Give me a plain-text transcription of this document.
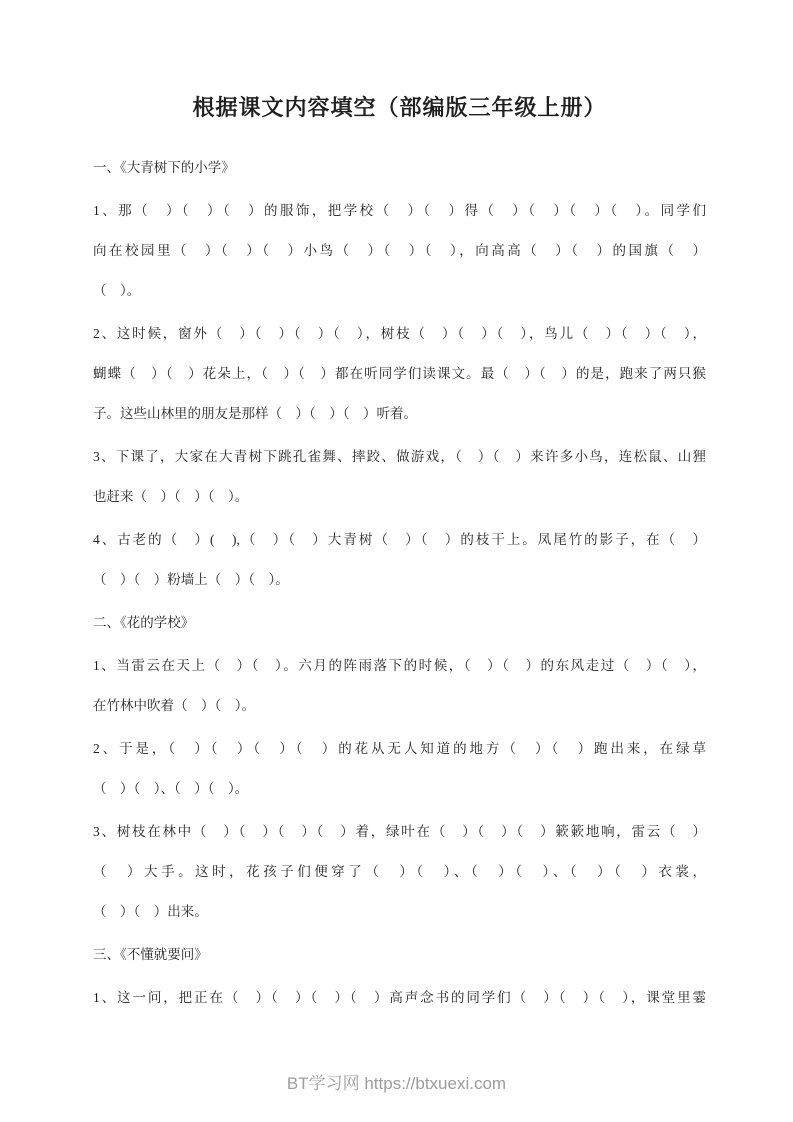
根据课文内容填空（部编版三年级上册）
一、《大青树下的小学》
1、那（　）（　）（　）的服饰，把学校（　）（　）得（　）（　）（　）（　）。同学们
向在校园里（　）（　）（　）小鸟（　）（　）（　），向高高（　）（　）的国旗（　）
（　）。
2、这时候，窗外（　）（　）（　）（　），树枝（　）（　）（　），鸟儿（　）（　）（　），
蝴蝶（　）（　）花朵上，（　）（　）都在听同学们读课文。最（　）（　）的是，跑来了两只猴
子。这些山林里的朋友是那样（　）（　）（　）听着。
3、下课了，大家在大青树下跳孔雀舞、摔跤、做游戏，（　）（　）来许多小鸟，连松鼠、山狸
也赶来（　）（　）（　）。
4、古老的（　）(　),（　）（　）大青树（　）（　）的枝干上。凤尾竹的影子，在（　）
（　）（　）粉墙上（　）（　）。
二、《花的学校》
1、当雷云在天上（　）（　）。六月的阵雨落下的时候，（　）（　）的东风走过（　）（　），
在竹林中吹着（　）（　）。
2、于是，（　）（　）（　）（　）的花从无人知道的地方（　）（　）跑出来，在绿草
（　）（　）、（　）（　）。
3、树枝在林中（　）（　）（　）（　）着，绿叶在（　）（　）（　）簌簌地响，雷云（　）
（　）大手。这时，花孩子们便穿了（　）（　）、（　）（　）、（　）（　）衣裳，
（　）（　）出来。
三、《不懂就要问》
1、这一问，把正在（　）（　）（　）（　）高声念书的同学们（　）（　）（　），课堂里霎
BT学习网 https://btxuexi.com
